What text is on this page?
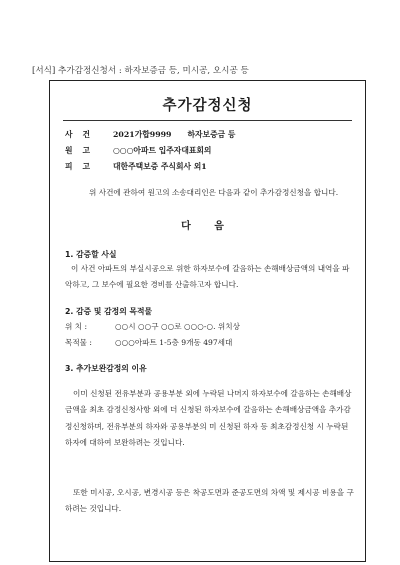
[서식] 추가감정신청서 : 하자보증금 등, 미시공, 오시공 등
추가감정신청
사건 2021가합9999 하자보증금 등
원고 ○○○아파트 입주자대표회의
피고 대한주택보증 주식회사 외1
위 사건에 관하여 원고의 소송대리인은 다음과 같이 추가감정신청을 합니다.
다 음
1. 감증할 사실
이 사건 아파트의 부실시공으로 위한 하자보수에 갈음하는 손해배상금액의 내역을 파악하고, 그 보수에 필요한 경비를 산출하고자 합니다.
2. 감증 및 감정의 목적물
위 치 :	○○시 ○○구 ○○로 ○○○-○. 위치상
목적물 :	○○○아파트 1-5층 9개동 497세대
3. 추가보완감정의 이유
이미 신청된 전유부분과 공용부분 외에 누락된 나머지 하자보수에 갈음하는 손해배상금액을 최초 감정신청사항 외에 더 신청된 하자보수에 갈음하는 손해배상금액을 추가감정신청하며, 전유부분의 하자와 공용부분의 미 신청된 하자 등 최초감정신청 시 누락된 하자에 대하여 보완하려는 것입니다.
또한 미시공, 오시공, 변경시공 등은 착공도면과 준공도면의 차액 및 제시공 비용을 구하려는 것입니다.
